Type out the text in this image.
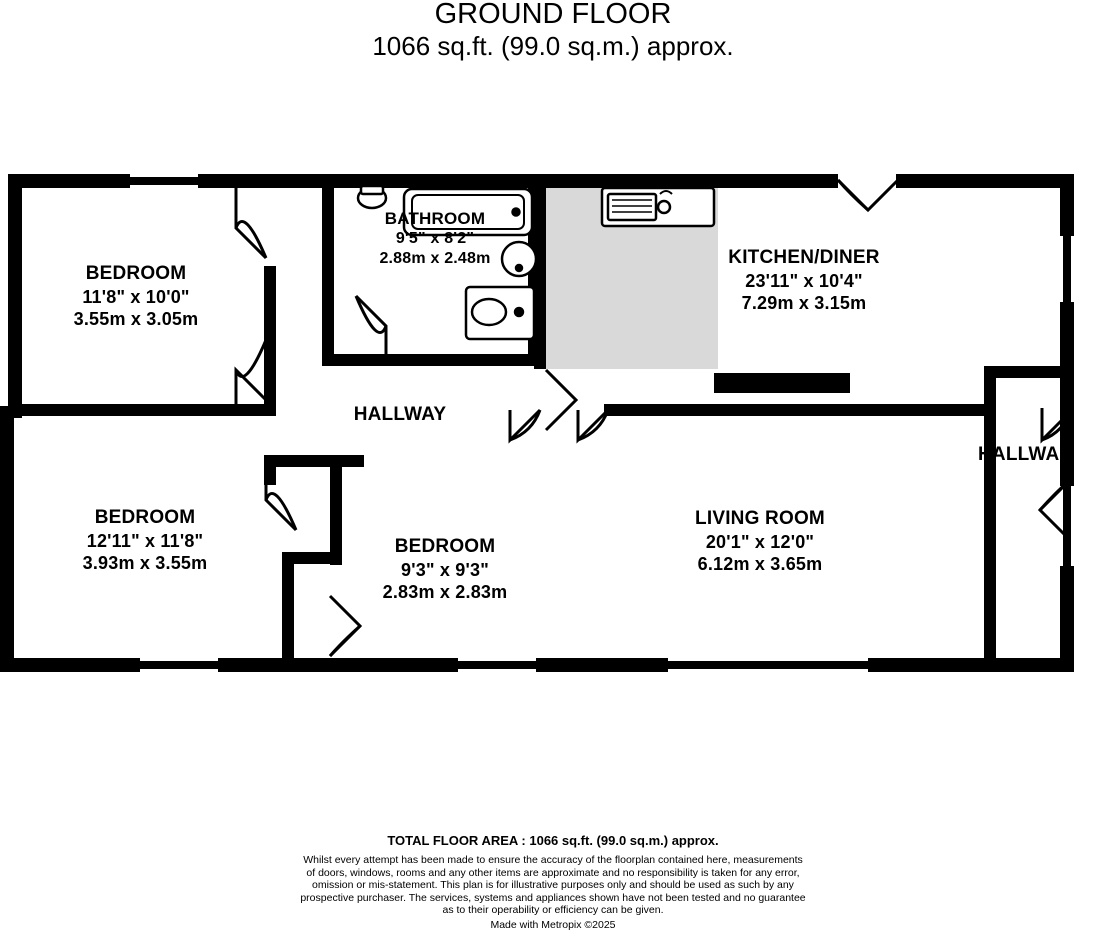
GROUND FLOOR
1066 sq.ft. (99.0 sq.m.) approx.
BEDROOM
11'8" x 10'0"
3.55m x 3.05m
BATHROOM
9'5" x 8'2"
2.88m x 2.48m	KITCHEN/DINER
23'11" x 10'4"
7.29m x 3.15m
HALLWAY
HALLWA
BEDROOM
12'11" x 11'8"
3.93m x 3.55m
BEDROOM
9'3" x 9'3"
2.83m x 2.83m
LIVING ROOM
20'1" x 12'0"
6.12m x 3.65m
TOTAL FLOOR AREA : 1066 sq.ft. (99.0 sq.m.) approx.
Whilst every attempt has been made to ensure the accuracy of the floorplan contained here, measurements
of doors, windows, rooms and any other items are approximate and no responsibility is taken for any error,
omission or mis-statement. This plan is for illustrative purposes only and should be used as such by any
prospective purchaser. The services, systems and appliances shown have not been tested and no guarantee
as to their operability or efficiency can be given.
Made with Metropix ©2025
